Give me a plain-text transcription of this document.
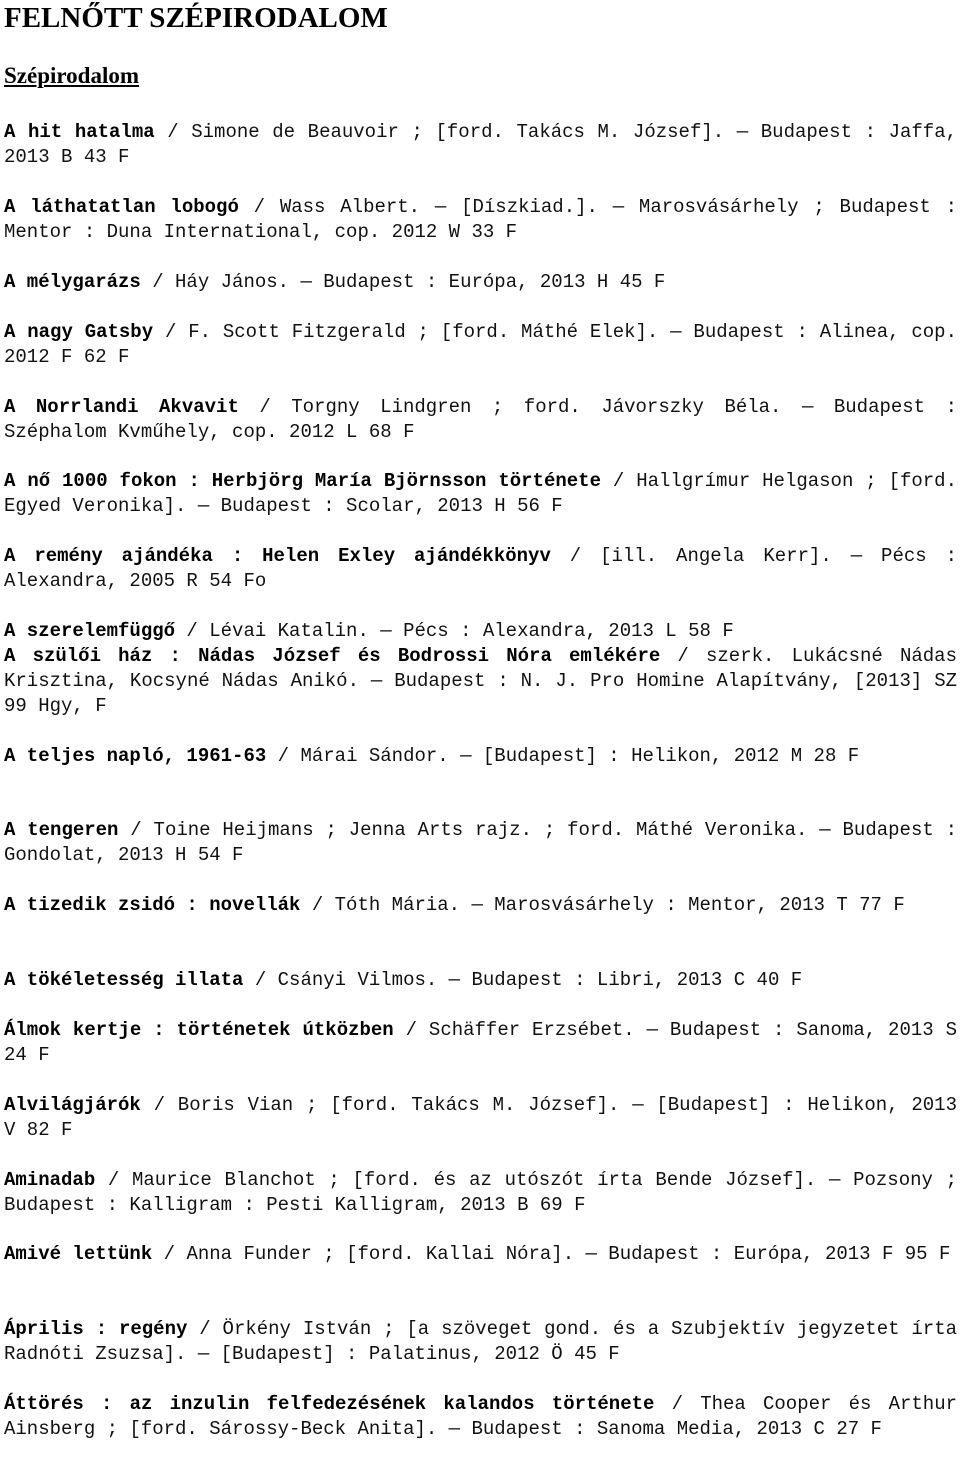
FELNŐTT SZÉPIRODALOM
Szépirodalom
A hit hatalma / Simone de Beauvoir ; [ford. Takács M. József]. — Budapest : Jaffa, 2013 B 43 F
A láthatatlan lobogó / Wass Albert. — [Díszkiad.]. — Marosvásárhely ; Budapest : Mentor : Duna International, cop. 2012 W 33 F
A mélygarázs / Háy János. — Budapest : Európa, 2013 H 45 F
A nagy Gatsby / F. Scott Fitzgerald ; [ford. Máthé Elek]. — Budapest : Alinea, cop. 2012 F 62 F
A Norrlandi Akvavit / Torgny Lindgren ; ford. Jávorszky Béla. — Budapest : Széphalom Kvműhely, cop. 2012 L 68 F
A nő 1000 fokon : Herbjörg María Björnsson története / Hallgrímur Helgason ; [ford. Egyed Veronika]. — Budapest : Scolar, 2013 H 56 F
A remény ajándéka : Helen Exley ajándékkönyv / [ill. Angela Kerr]. — Pécs : Alexandra, 2005 R 54 Fo
A szerelemfüggő / Lévai Katalin. — Pécs : Alexandra, 2013 L 58 F
A szülői ház : Nádas József és Bodrossi Nóra emlékére / szerk. Lukácsné Nádas Krisztina, Kocsyné Nádas Anikó. — Budapest : N. J. Pro Homine Alapítvány, [2013] SZ 99 Hgy, F
A teljes napló, 1961-63 / Márai Sándor. — [Budapest] : Helikon, 2012 M 28 F
A tengeren / Toine Heijmans ; Jenna Arts rajz. ; ford. Máthé Veronika. — Budapest : Gondolat, 2013 H 54 F
A tizedik zsidó : novellák / Tóth Mária. — Marosvásárhely : Mentor, 2013 T 77 F
A tökéletesség illata / Csányi Vilmos. — Budapest : Libri, 2013 C 40 F
Álmok kertje : történetek útközben / Schäffer Erzsébet. — Budapest : Sanoma, 2013 S 24 F
Alvilágjárók / Boris Vian ; [ford. Takács M. József]. — [Budapest] : Helikon, 2013 V 82 F
Aminadab / Maurice Blanchot ; [ford. és az utószót írta Bende József]. — Pozsony ; Budapest : Kalligram : Pesti Kalligram, 2013 B 69 F
Amivé lettünk / Anna Funder ; [ford. Kallai Nóra]. — Budapest : Európa, 2013 F 95 F
Április : regény / Örkény István ; [a szöveget gond. és a Szubjektív jegyzetet írta Radnóti Zsuzsa]. — [Budapest] : Palatinus, 2012 Ö 45 F
Áttörés : az inzulin felfedezésének kalandos története / Thea Cooper és Arthur Ainsberg ; [ford. Sárossy-Beck Anita]. — Budapest : Sanoma Media, 2013 C 27 F
